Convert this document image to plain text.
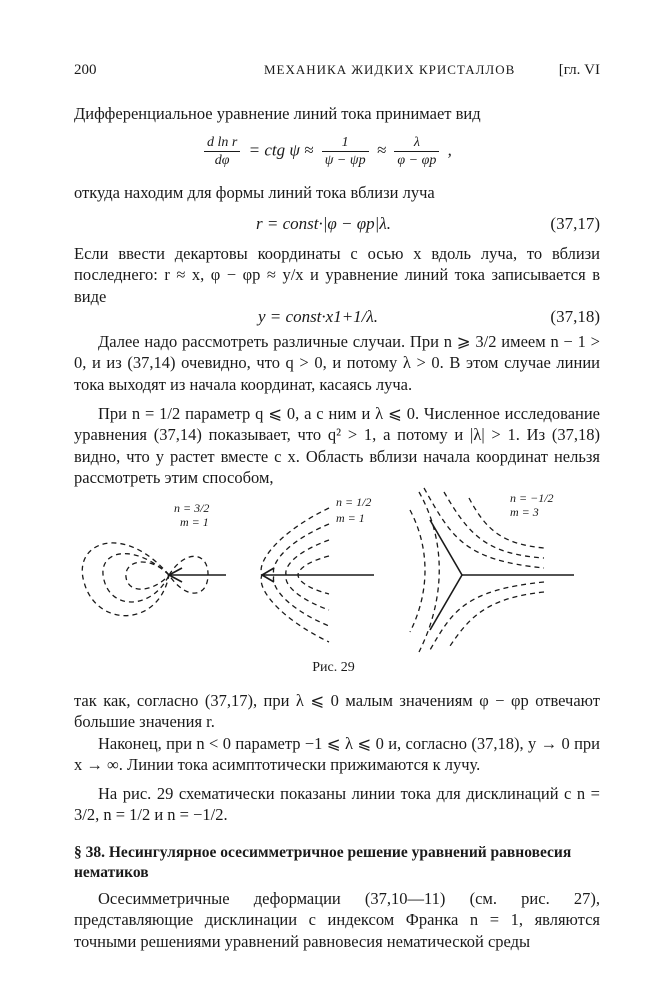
200	МЕХАНИКА ЖИДКИХ КРИСТАЛЛОВ	[гл. VI
Дифференциальное уравнение линий тока принимает вид
$\frac{\text{d ln r}}{d\varphi}$ = ctg $\psi \approx \frac{1}{\psi - \psi p} \approx \frac{\lambda}{\varphi - \varphi p}$ ,
откуда находим для формы линий тока вблизи луча
r = const·|φ − φp|λ.	(37,17)
Если ввести декартовы координаты с осью x вдоль луча, то вблизи последнего: r ≈ x, φ − φp ≈ y/x и уравнение линий тока записывается в виде
y = const·x1+1/λ.	(37,18)
Далее надо рассмотреть различные случаи. При n ⩾ 3/2 имеем n − 1 > 0, и из (37,14) очевидно, что q > 0, и потому λ > 0. В этом случае линии тока выходят из начала координат, касаясь луча.
При n = 1/2 параметр q ⩽ 0, а с ним и λ ⩽ 0. Численное исследование уравнения (37,14) показывает, что q² > 1, а потому и |λ| > 1. Из (37,18) видно, что y растет вместе с x. Область вблизи начала координат нельзя рассмотреть этим способом,
n = 3/2
m = 1
n = 1/2
m = 1
n = −1/2
m = 3
Рис. 29
так как, согласно (37,17), при λ ⩽ 0 малым значениям φ − φp отвечают большие значения r.
Наконец, при n < 0 параметр −1 ⩽ λ ⩽ 0 и, согласно (37,18), y → 0 при x → ∞. Линии тока асимптотически прижимаются к лучу.
На рис. 29 схематически показаны линии тока для дисклинаций с n = 3/2, n = 1/2 и n = −1/2.
§ 38. Несингулярное осесимметричное решение уравнений равновесия нематиков
Осесимметричные деформации (37,10—11) (см. рис. 27), представляющие дисклинации с индексом Франка n = 1, являются точными решениями уравнений равновесия нематической среды
